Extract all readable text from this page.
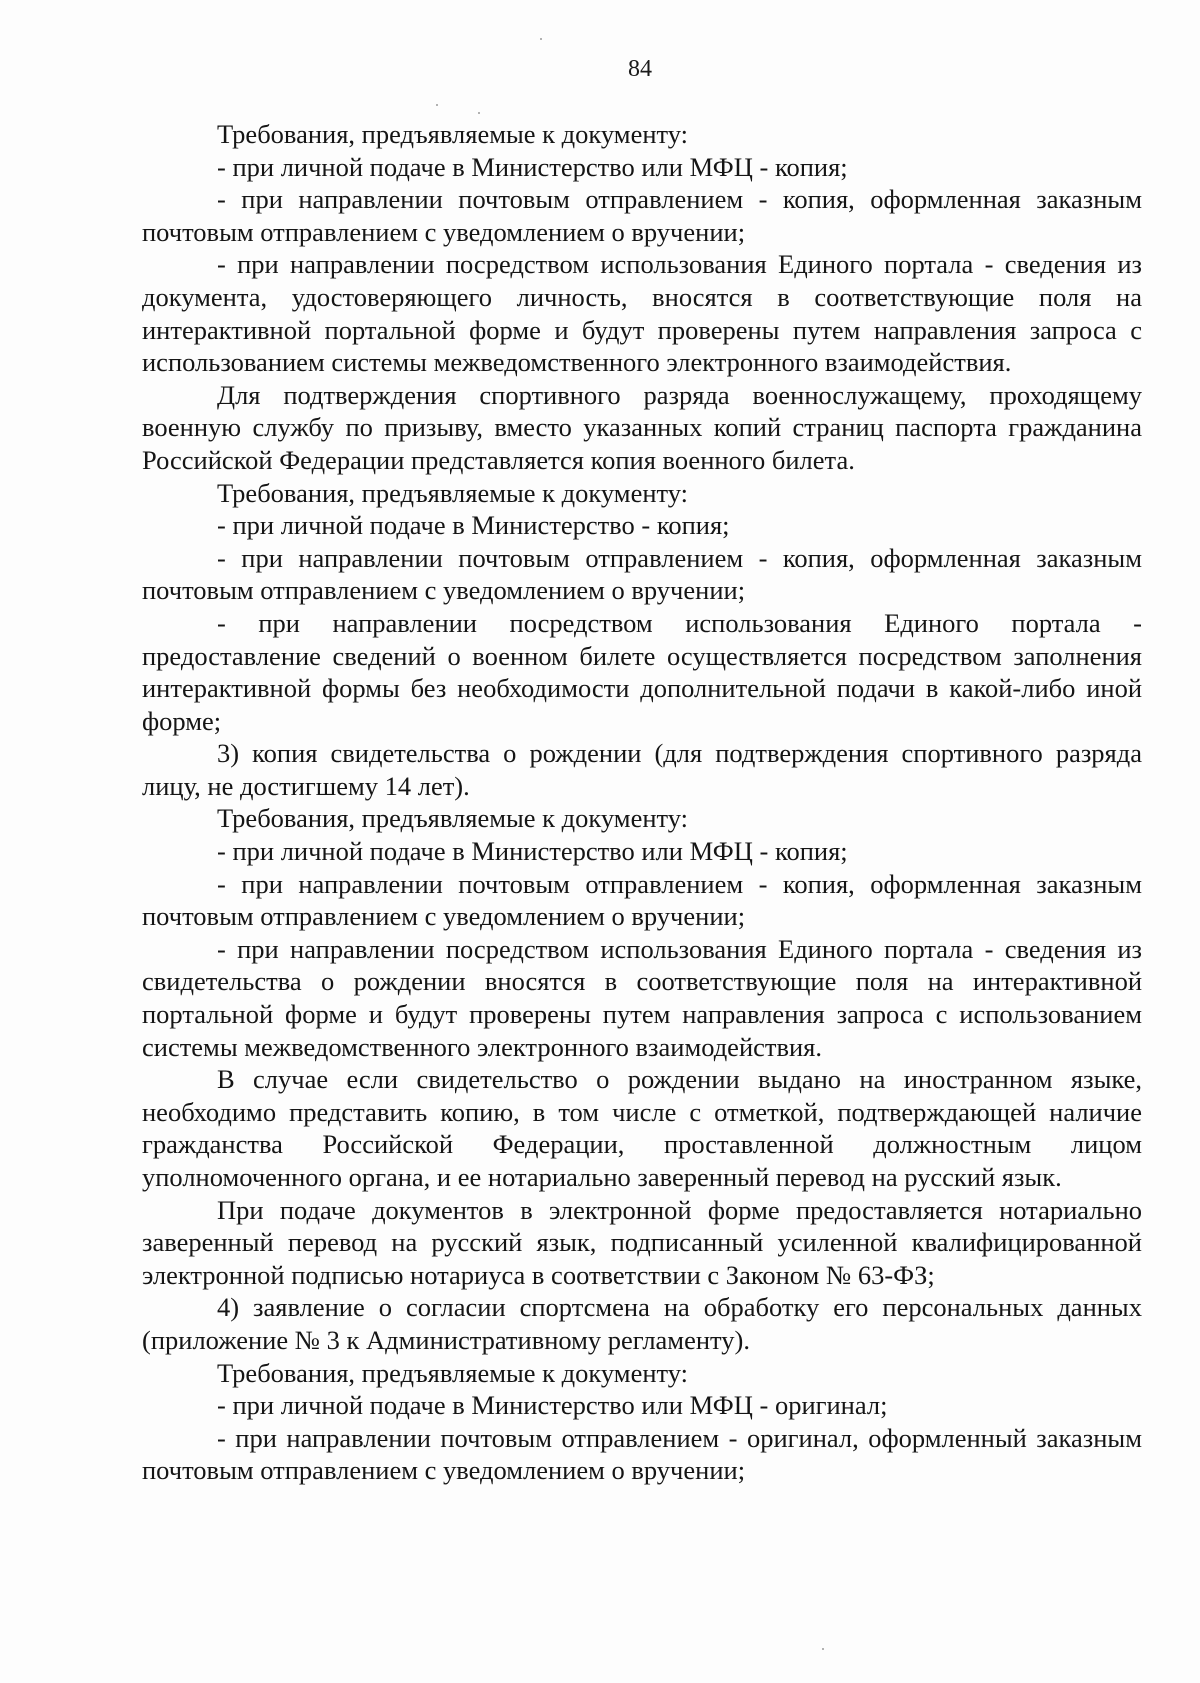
84

Требования, предъявляемые к документу:

- при личной подаче в Министерство или МФЦ - копия;

- при направлении почтовым отправлением - копия, оформленная заказным почтовым отправлением с уведомлением о вручении;

- при направлении посредством использования Единого портала - сведения из документа, удостоверяющего личность, вносятся в соответствующие поля на интерактивной портальной форме и будут проверены путем направления запроса с использованием системы межведомственного электронного взаимодействия.

Для подтверждения спортивного разряда военнослужащему, проходящему военную службу по призыву, вместо указанных копий страниц паспорта гражданина Российской Федерации представляется копия военного билета.

Требования, предъявляемые к документу:

- при личной подаче в Министерство - копия;

- при направлении почтовым отправлением - копия, оформленная заказным почтовым отправлением с уведомлением о вручении;

- при направлении посредством использования Единого портала - предоставление сведений о военном билете осуществляется посредством заполнения интерактивной формы без необходимости дополнительной подачи в какой-либо иной форме;

3) копия свидетельства о рождении (для подтверждения спортивного разряда лицу, не достигшему 14 лет).

Требования, предъявляемые к документу:

- при личной подаче в Министерство или МФЦ - копия;

- при направлении почтовым отправлением - копия, оформленная заказным почтовым отправлением с уведомлением о вручении;

- при направлении посредством использования Единого портала - сведения из свидетельства о рождении вносятся в соответствующие поля на интерактивной портальной форме и будут проверены путем направления запроса с использованием системы межведомственного электронного взаимодействия.

В случае если свидетельство о рождении выдано на иностранном языке, необходимо представить копию, в том числе с отметкой, подтверждающей наличие гражданства Российской Федерации, проставленной должностным лицом уполномоченного органа, и ее нотариально заверенный перевод на русский язык.

При подаче документов в электронной форме предоставляется нотариально заверенный перевод на русский язык, подписанный усиленной квалифицированной электронной подписью нотариуса в соответствии с Законом № 63-ФЗ;

4) заявление о согласии спортсмена на обработку его персональных данных (приложение № 3 к Административному регламенту).

Требования, предъявляемые к документу:

- при личной подаче в Министерство или МФЦ - оригинал;

- при направлении почтовым отправлением - оригинал, оформленный заказным почтовым отправлением с уведомлением о вручении;
